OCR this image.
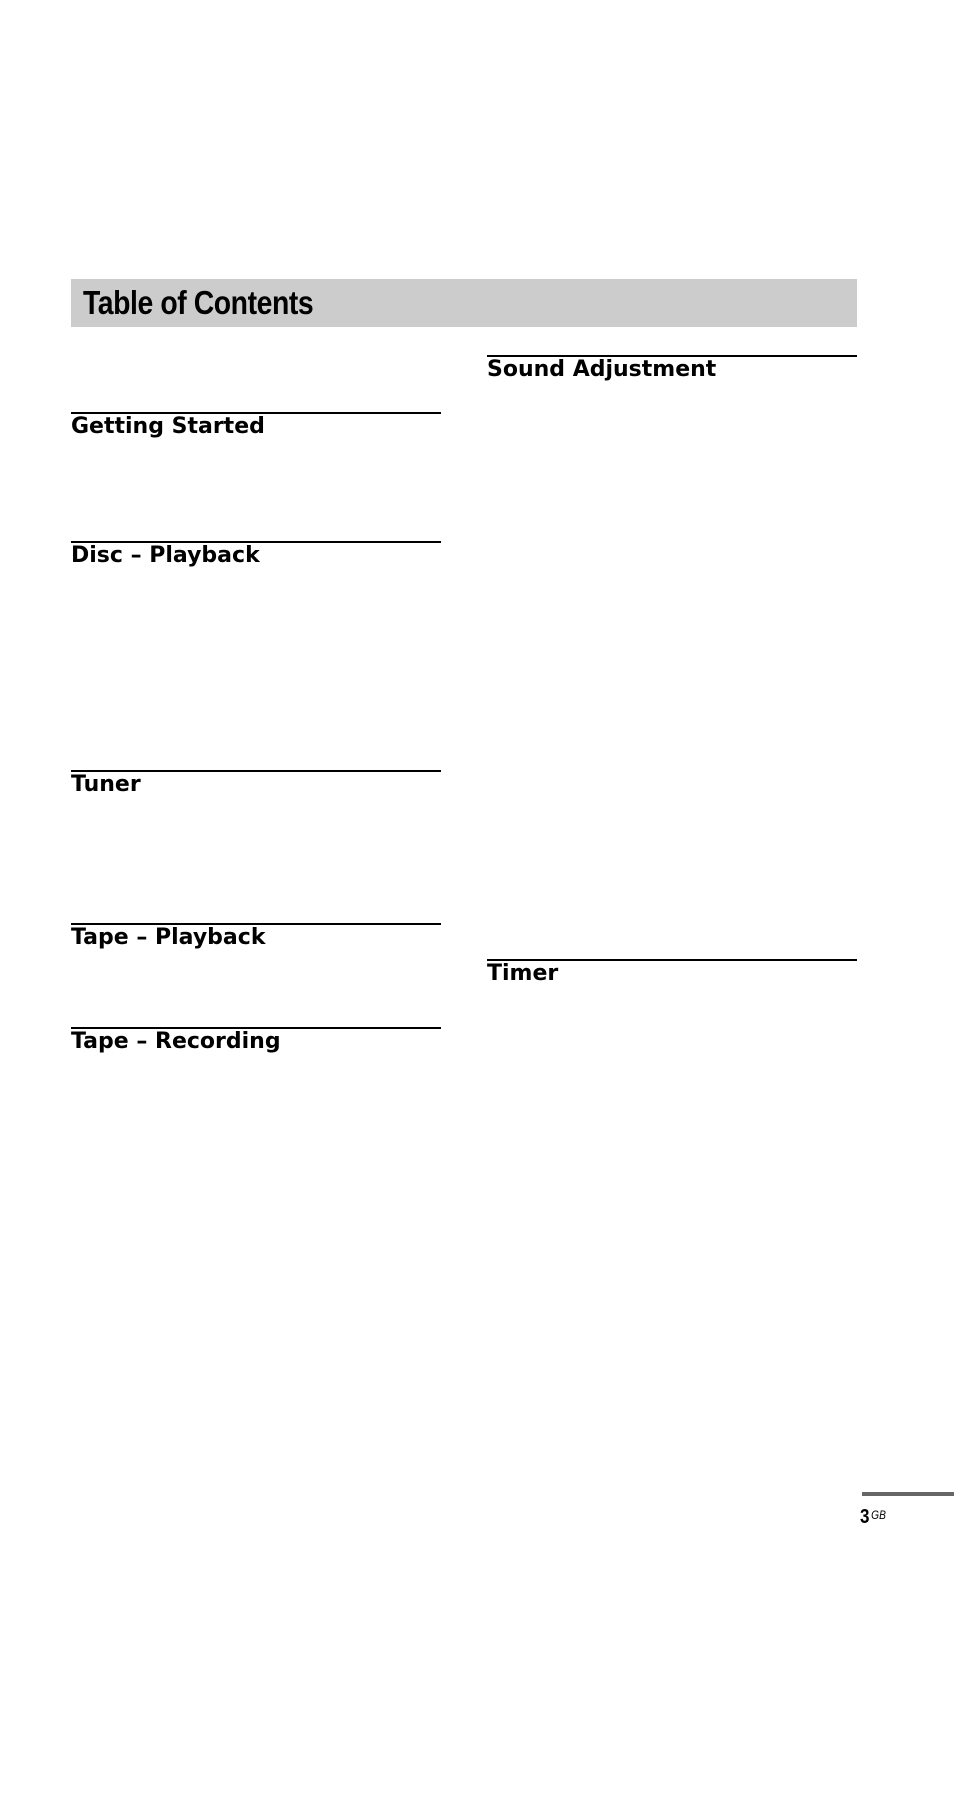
Table of Contents
Sound Adjustment
Getting Started
Disc – Playback
Tuner
Tape – Playback
Timer
Tape – Recording
3 $^{GB}$
